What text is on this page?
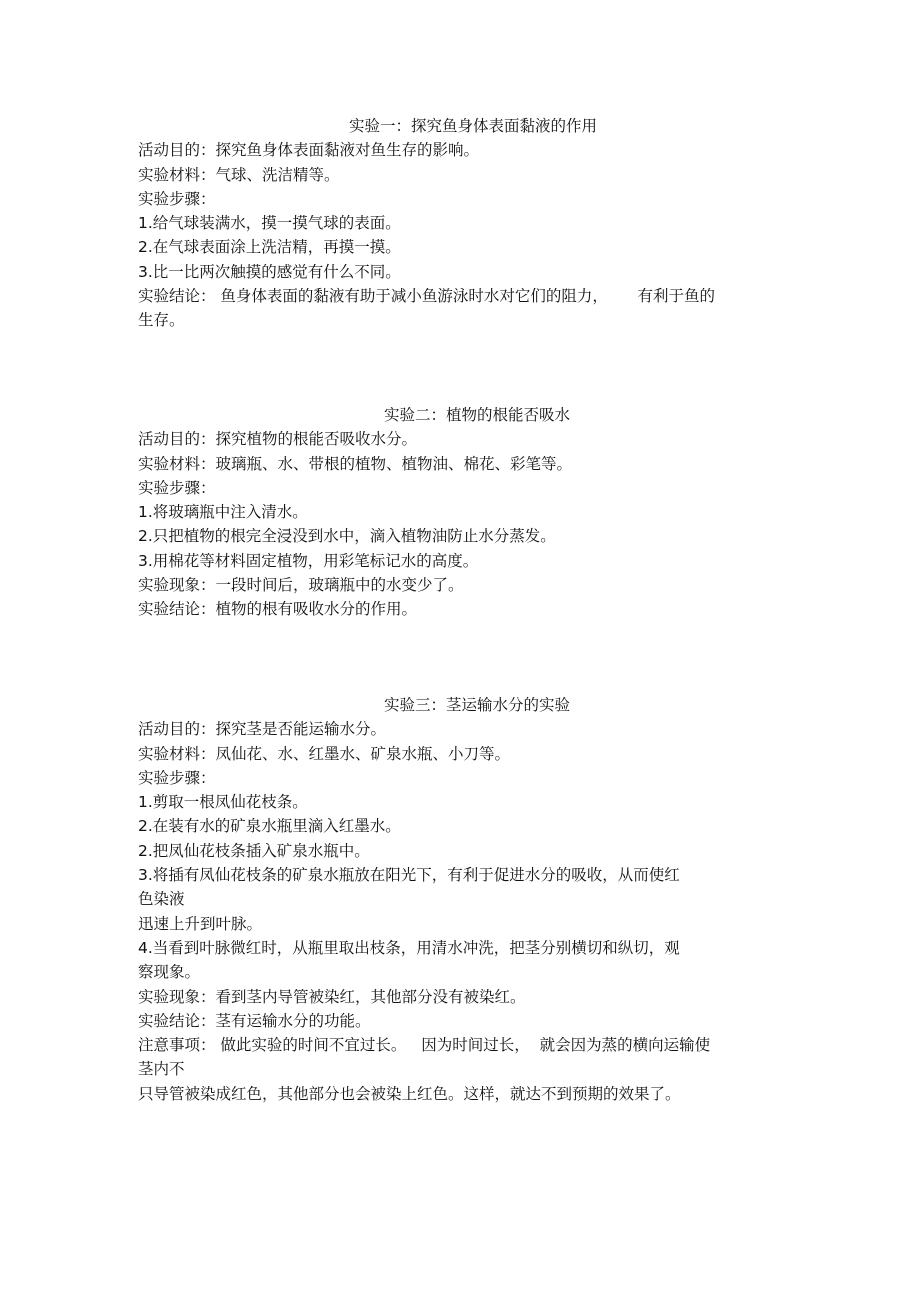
实验一：探究鱼身体表面黏液的作用
活动目的：探究鱼身体表面黏液对鱼生存的影响。
实验材料：气球、洗洁精等。
实验步骤：
1.给气球装满水，摸一摸气球的表面。
2.在气球表面涂上洗洁精，再摸一摸。
3.比一比两次触摸的感觉有什么不同。
实验结论： 鱼身体表面的黏液有助于减小鱼游泳时水对它们的阻力，      有利于鱼的
生存。
实验二：植物的根能否吸水
活动目的：探究植物的根能否吸收水分。
实验材料：玻璃瓶、水、带根的植物、植物油、棉花、彩笔等。
实验步骤：
1.将玻璃瓶中注入清水。
2.只把植物的根完全浸没到水中，滴入植物油防止水分蒸发。
3.用棉花等材料固定植物，用彩笔标记水的高度。
实验现象：一段时间后，玻璃瓶中的水变少了。
实验结论：植物的根有吸收水分的作用。
实验三：茎运输水分的实验
活动目的：探究茎是否能运输水分。
实验材料：凤仙花、水、红墨水、矿泉水瓶、小刀等。
实验步骤：
1.剪取一根凤仙花枝条。
2.在装有水的矿泉水瓶里滴入红墨水。
2.把凤仙花枝条插入矿泉水瓶中。
3.将插有凤仙花枝条的矿泉水瓶放在阳光下，有利于促进水分的吸收，从而使红
色染液
迅速上升到叶脉。
4.当看到叶脉微红时，从瓶里取出枝条，用清水冲洗，把茎分别横切和纵切，观
察现象。
实验现象：看到茎内导管被染红，其他部分没有被染红。
实验结论：茎有运输水分的功能。
注意事项： 做此实验的时间不宜过长。   因为时间过长，  就会因为蒸的横向运输使
茎内不
只导管被染成红色，其他部分也会被染上红色。这样，就达不到预期的效果了。
